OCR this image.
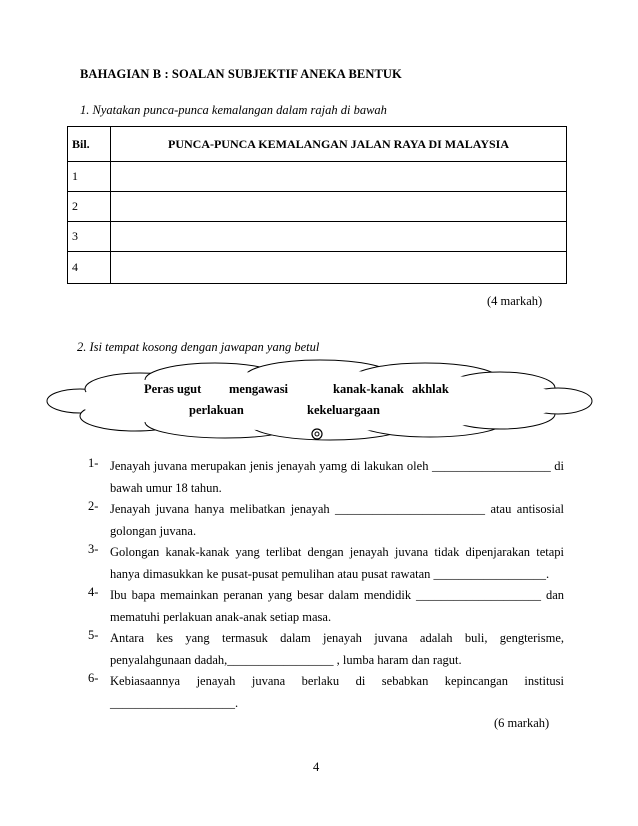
BAHAGIAN B : SOALAN SUBJEKTIF ANEKA BENTUK
1. Nyatakan punca-punca kemalangan dalam rajah di bawah
Bil.	PUNCA-PUNCA KEMALANGAN JALAN RAYA DI MALAYSIA
1	
2	
3	
4	
(4 markah)
2. Isi tempat kosong dengan jawapan yang betul
Peras ugut mengawasi	kanak-kanak akhlak
perlakuan	kekeluargaan
1- Jenayah juvana merupakan jenis jenayah yamg di lakukan oleh ___________________ di
bawah umur 18 tahun.
2- Jenayah juvana hanya melibatkan jenayah ________________________ atau antisosial
golongan juvana.
3- Golongan kanak-kanak yang terlibat dengan jenayah juvana tidak dipenjarakan tetapi
hanya dimasukkan ke pusat-pusat pemulihan atau pusat rawatan __________________.
4- Ibu bapa memainkan peranan yang besar dalam mendidik ____________________ dan
mematuhi perlakuan anak-anak setiap masa.
5- Antara kes yang termasuk dalam jenayah juvana adalah buli, gengterisme,
penyalahgunaan dadah,_________________ , lumba haram dan ragut.
6- Kebiasaannya jenayah juvana berlaku di sebabkan kepincangan institusi
____________________.
(6 markah)
4
